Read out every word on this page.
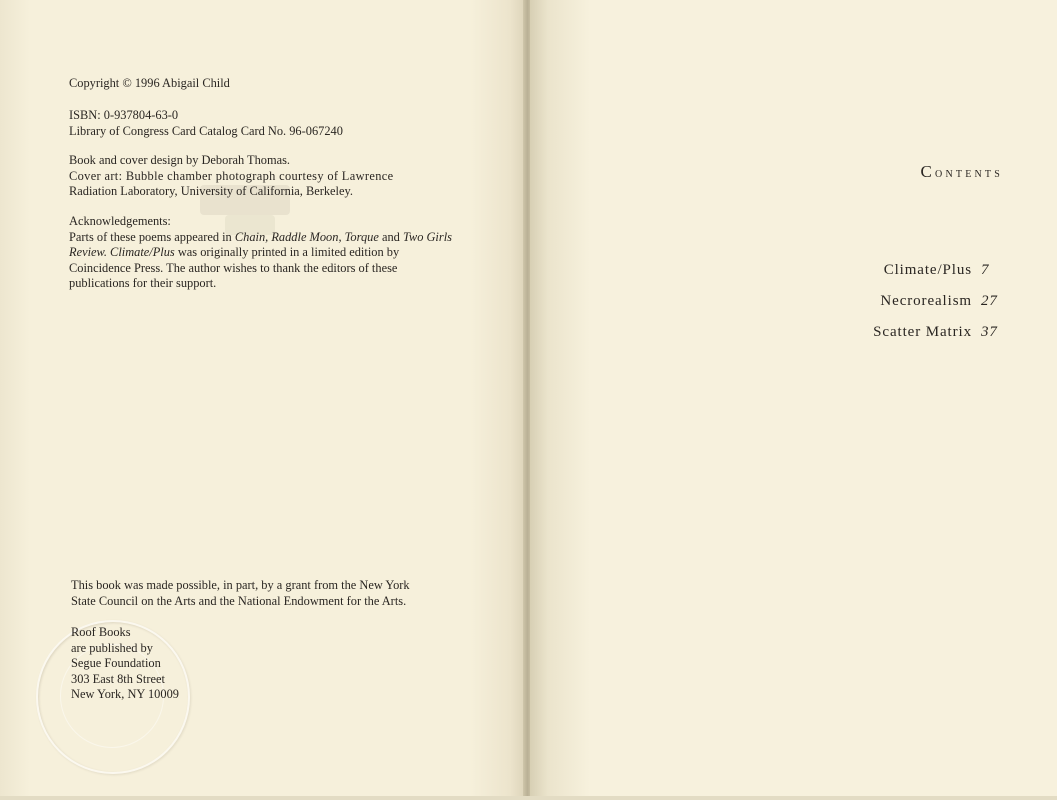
Copyright © 1996 Abigail Child

ISBN: 0-937804-63-0

Library of Congress Card Catalog Card No. 96-067240

Book and cover design by Deborah Thomas.

Cover art: Bubble chamber photograph courtesy of Lawrence

Radiation Laboratory, University of California, Berkeley.

Acknowledgements:

Parts of these poems appeared in Chain, Raddle Moon, Torque and Two Girls Review. Climate/Plus was originally printed in a limited edition by Coincidence Press. The author wishes to thank the editors of these publications for their support.

This book was made possible, in part, by a grant from the New York

State Council on the Arts and the National Endowment for the Arts.

Roof Books

are published by

Segue Foundation

303 East 8th Street

New York, NY 10009

Contents
Climate/Plus 7
Necrorealism 27
Scatter Matrix 37
